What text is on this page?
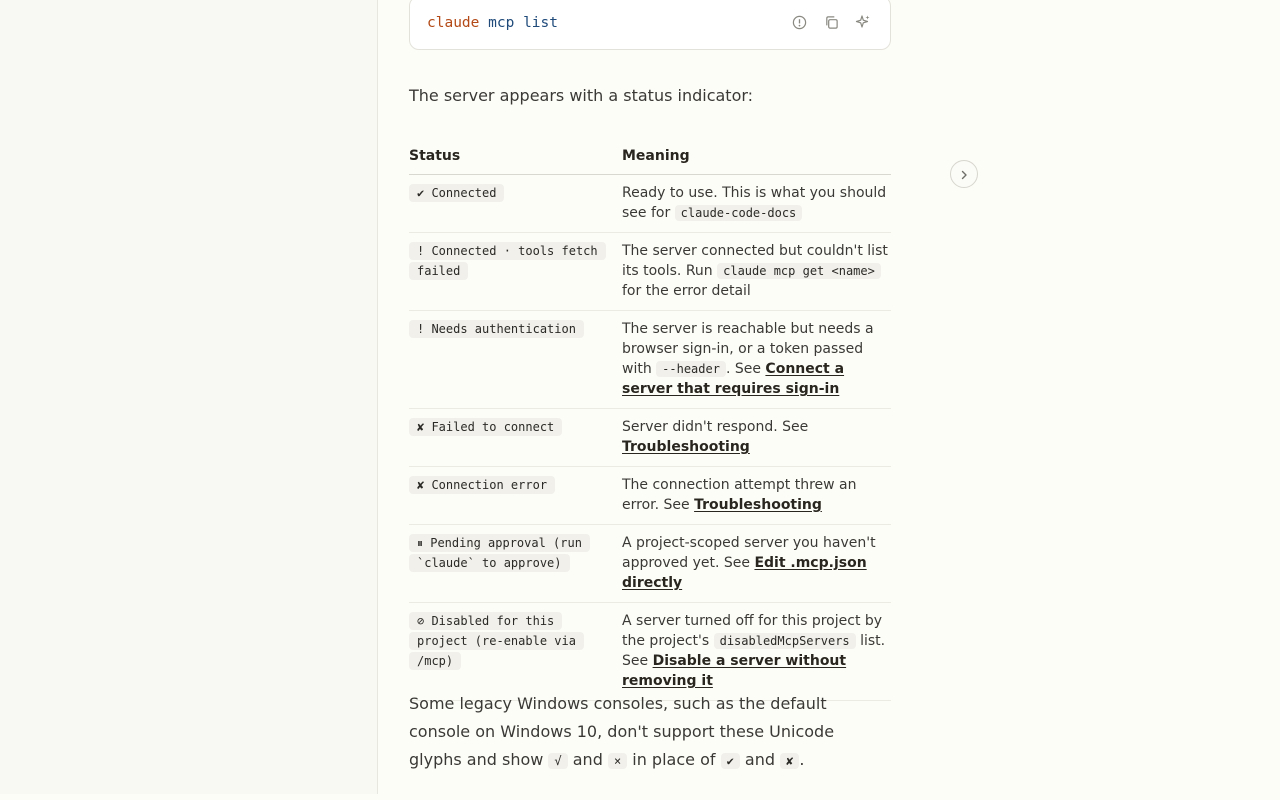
claude mcp list
The server appears with a status indicator:
Status	Meaning
✔ Connected	Ready to use. This is what you should see for claude-code-docs
! Connected · tools fetch failed	The server connected but couldn't list its tools. Run claude mcp get <name> for the error detail
! Needs authentication	The server is reachable but needs a browser sign-in, or a token passed with --header . See Connect a server that requires sign-in
✘ Failed to connect	Server didn't respond. See Troubleshooting
✘ Connection error	The connection attempt threw an error. See Troubleshooting
⏸ Pending approval (run `claude` to approve)	A project-scoped server you haven't approved yet. See Edit .mcp.json directly
⊘ Disabled for this project (re-enable via /mcp)	A server turned off for this project by the project's disabledMcpServers list. See Disable a server without removing it
Some legacy Windows consoles, such as the default console on Windows 10, don't support these Unicode glyphs and show √ and × in place of ✔ and ✘ .
